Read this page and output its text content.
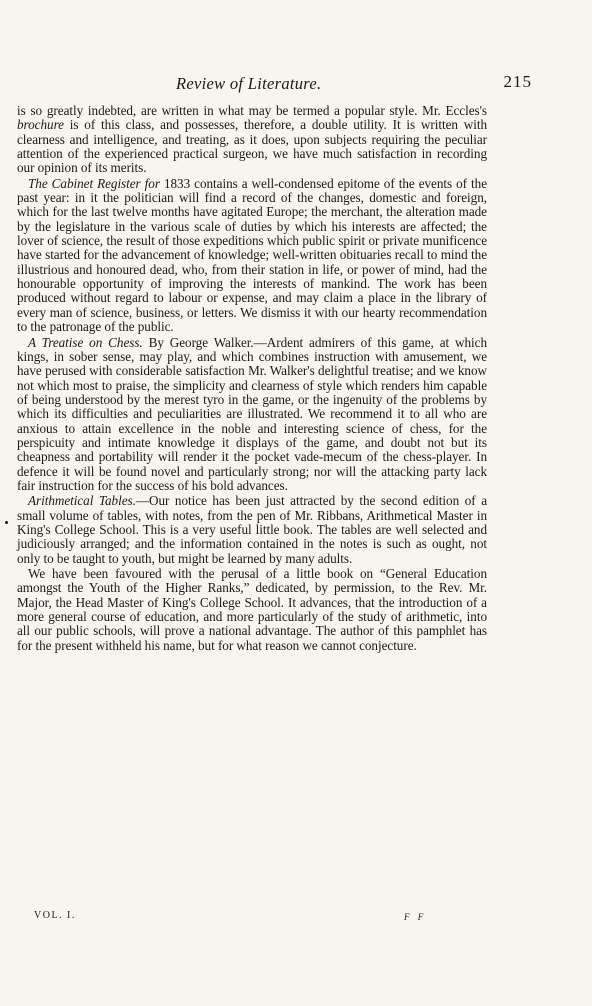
Review of Literature.	215

is so greatly indebted, are written in what may be termed a popular style. Mr. Eccles's brochure is of this class, and possesses, therefore, a double utility. It is written with clearness and intelligence, and treating, as it does, upon subjects requiring the peculiar attention of the experienced practical surgeon, we have much satisfaction in recording our opinion of its merits.

The Cabinet Register for 1833 contains a well-condensed epitome of the events of the past year: in it the politician will find a record of the changes, domestic and foreign, which for the last twelve months have agitated Europe; the merchant, the alteration made by the legislature in the various scale of duties by which his interests are affected; the lover of science, the result of those expeditions which public spirit or private munificence have started for the advancement of knowledge; well-written obituaries recall to mind the illustrious and honoured dead, who, from their station in life, or power of mind, had the honourable opportunity of improving the interests of mankind. The work has been produced without regard to labour or expense, and may claim a place in the library of every man of science, business, or letters. We dismiss it with our hearty recommendation to the patronage of the public.

A Treatise on Chess. By George Walker.—Ardent admirers of this game, at which kings, in sober sense, may play, and which combines instruction with amusement, we have perused with considerable satisfaction Mr. Walker's delightful treatise; and we know not which most to praise, the simplicity and clearness of style which renders him capable of being understood by the merest tyro in the game, or the ingenuity of the problems by which its difficulties and peculiarities are illustrated. We recommend it to all who are anxious to attain excellence in the noble and interesting science of chess, for the perspicuity and intimate knowledge it displays of the game, and doubt not but its cheapness and portability will render it the pocket vade-mecum of the chess-player. In defence it will be found novel and particularly strong; nor will the attacking party lack fair instruction for the success of his bold advances.

Arithmetical Tables.—Our notice has been just attracted by the second edition of a small volume of tables, with notes, from the pen of Mr. Ribbans, Arithmetical Master in King's College School. This is a very useful little book. The tables are well selected and judiciously arranged; and the information contained in the notes is such as ought, not only to be taught to youth, but might be learned by many adults.

We have been favoured with the perusal of a little book on “General Education amongst the Youth of the Higher Ranks,” dedicated, by permission, to the Rev. Mr. Major, the Head Master of King's College School. It advances, that the introduction of a more general course of education, and more particularly of the study of arithmetic, into all our public schools, will prove a national advantage. The author of this pamphlet has for the present withheld his name, but for what reason we cannot conjecture.

VOL. I.	F F
